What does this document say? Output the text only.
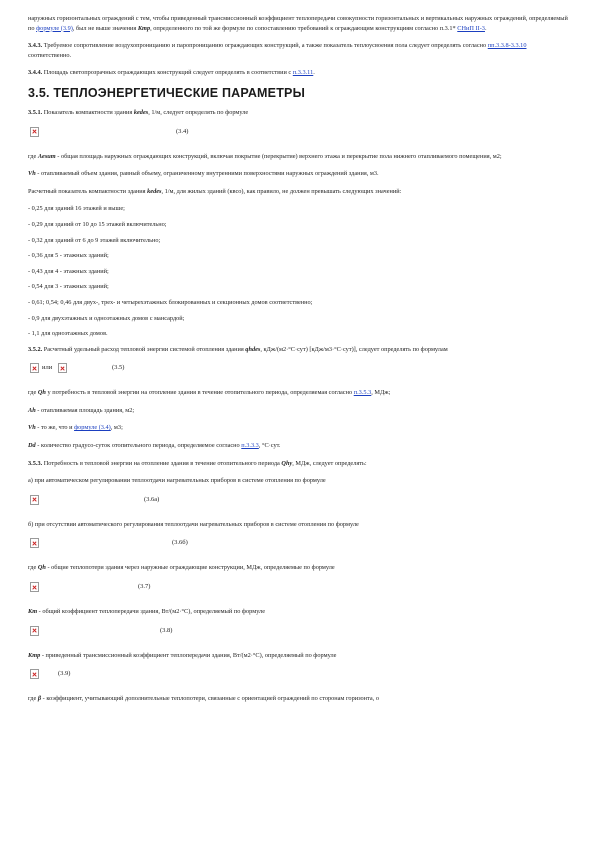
наружных горизонтальных ограждений с тем, чтобы приведенный трансмиссионный коэффициент теплопередачи совокупности горизонтальных и вертикальных наружных ограждений, определяемый по формуле (3.9), был не выше значения Kтр, определенного по той же формуле по сопоставлению требований к ограждающим конструкциям согласно п.3.1* СНиП II-3.

3.4.3. Требуемое сопротивление воздухопроницанию и паропроницанию ограждающих конструкций, а также показатель теплоусвоения пола следует определять согласно пп.3.3.8-3.3.10 соответственно.

3.4.4. Площадь светопрозрачных ограждающих конструкций следует определять в соответствии с п.3.3.11.

3.5. ТЕПЛОЭНЕРГЕТИЧЕСКИЕ ПАРАМЕТРЫ

3.5.1. Показатель компактности здания kedes, 1/м, следует определять по формуле

(3.4)

где Aesum - общая площадь наружных ограждающих конструкций, включая покрытие (перекрытие) верхнего этажа и перекрытие пола нижнего отапливаемого помещения, м2;

Vh - отапливаемый объем здания, равный объему, ограниченному внутренними поверхностями наружных ограждений здания, м3.

Расчетный показатель компактности здания kedes, 1/м, для жилых зданий (квсо), как правило, не должен превышать следующих значений:

- 0,25 для зданий 16 этажей и выше;

- 0,29 для зданий от 10 до 15 этажей включительно;

- 0,32 для зданий от 6 до 9 этажей включительно;

- 0,36 для 5 - этажных зданий;

- 0,43 для 4 - этажных зданий;

- 0,54 для 3 - этажных зданий;

- 0,61; 0,54; 0,46 для двух-, трех- и четырехэтажных блокированных и секционных домов соответственно;

- 0,9 для двухэтажных и одноэтажных домов с мансардой;

- 1,1 для одноэтажных домов.

3.5.2. Расчетный удельный расход тепловой энергии системой отопления здания qhdes, кДж/(м2·°С·сут) [кДж/м3·°С·сут)], следует определять по формулам

или	(3.5)

где Qh у потребность в тепловой энергии на отопление здания в течение отопительного периода, определяемая согласно п.3.5.3, МДж;

Ah - отапливаемая площадь здания, м2;

Vh - то же, что и формуле (3.4), м3;

Dd - количество градусо-суток отопительного периода, определяемое согласно п.3.3.3, °С·сут.

3.5.3. Потребность в тепловой энергии на отопление здания в течение отопительного периода Qhy, МДж, следует определять:

а) при автоматическом регулировании теплоотдачи нагревательных приборов в системе отопления по формуле

(3.6а)

б) при отсутствии автоматического регулирования теплоотдачи нагревательных приборов в системе отопления по формуле

(3.6б)

где Qh - общие теплопотери здания через наружные ограждающие конструкции, МДж, определяемые по формуле

(3.7)

Km - общий коэффициент теплопередачи здания, Вт/(м2·°С), определяемый по формуле

(3.8)

Kтр - приведенный трансмиссионный коэффициент теплопередачи здания, Вт/(м2·°С), определяемый по формуле

(3.9)

где β - коэффициент, учитывающий дополнительные теплопотери, связанные с ориентацией ограждений по сторонам горизонта, о
